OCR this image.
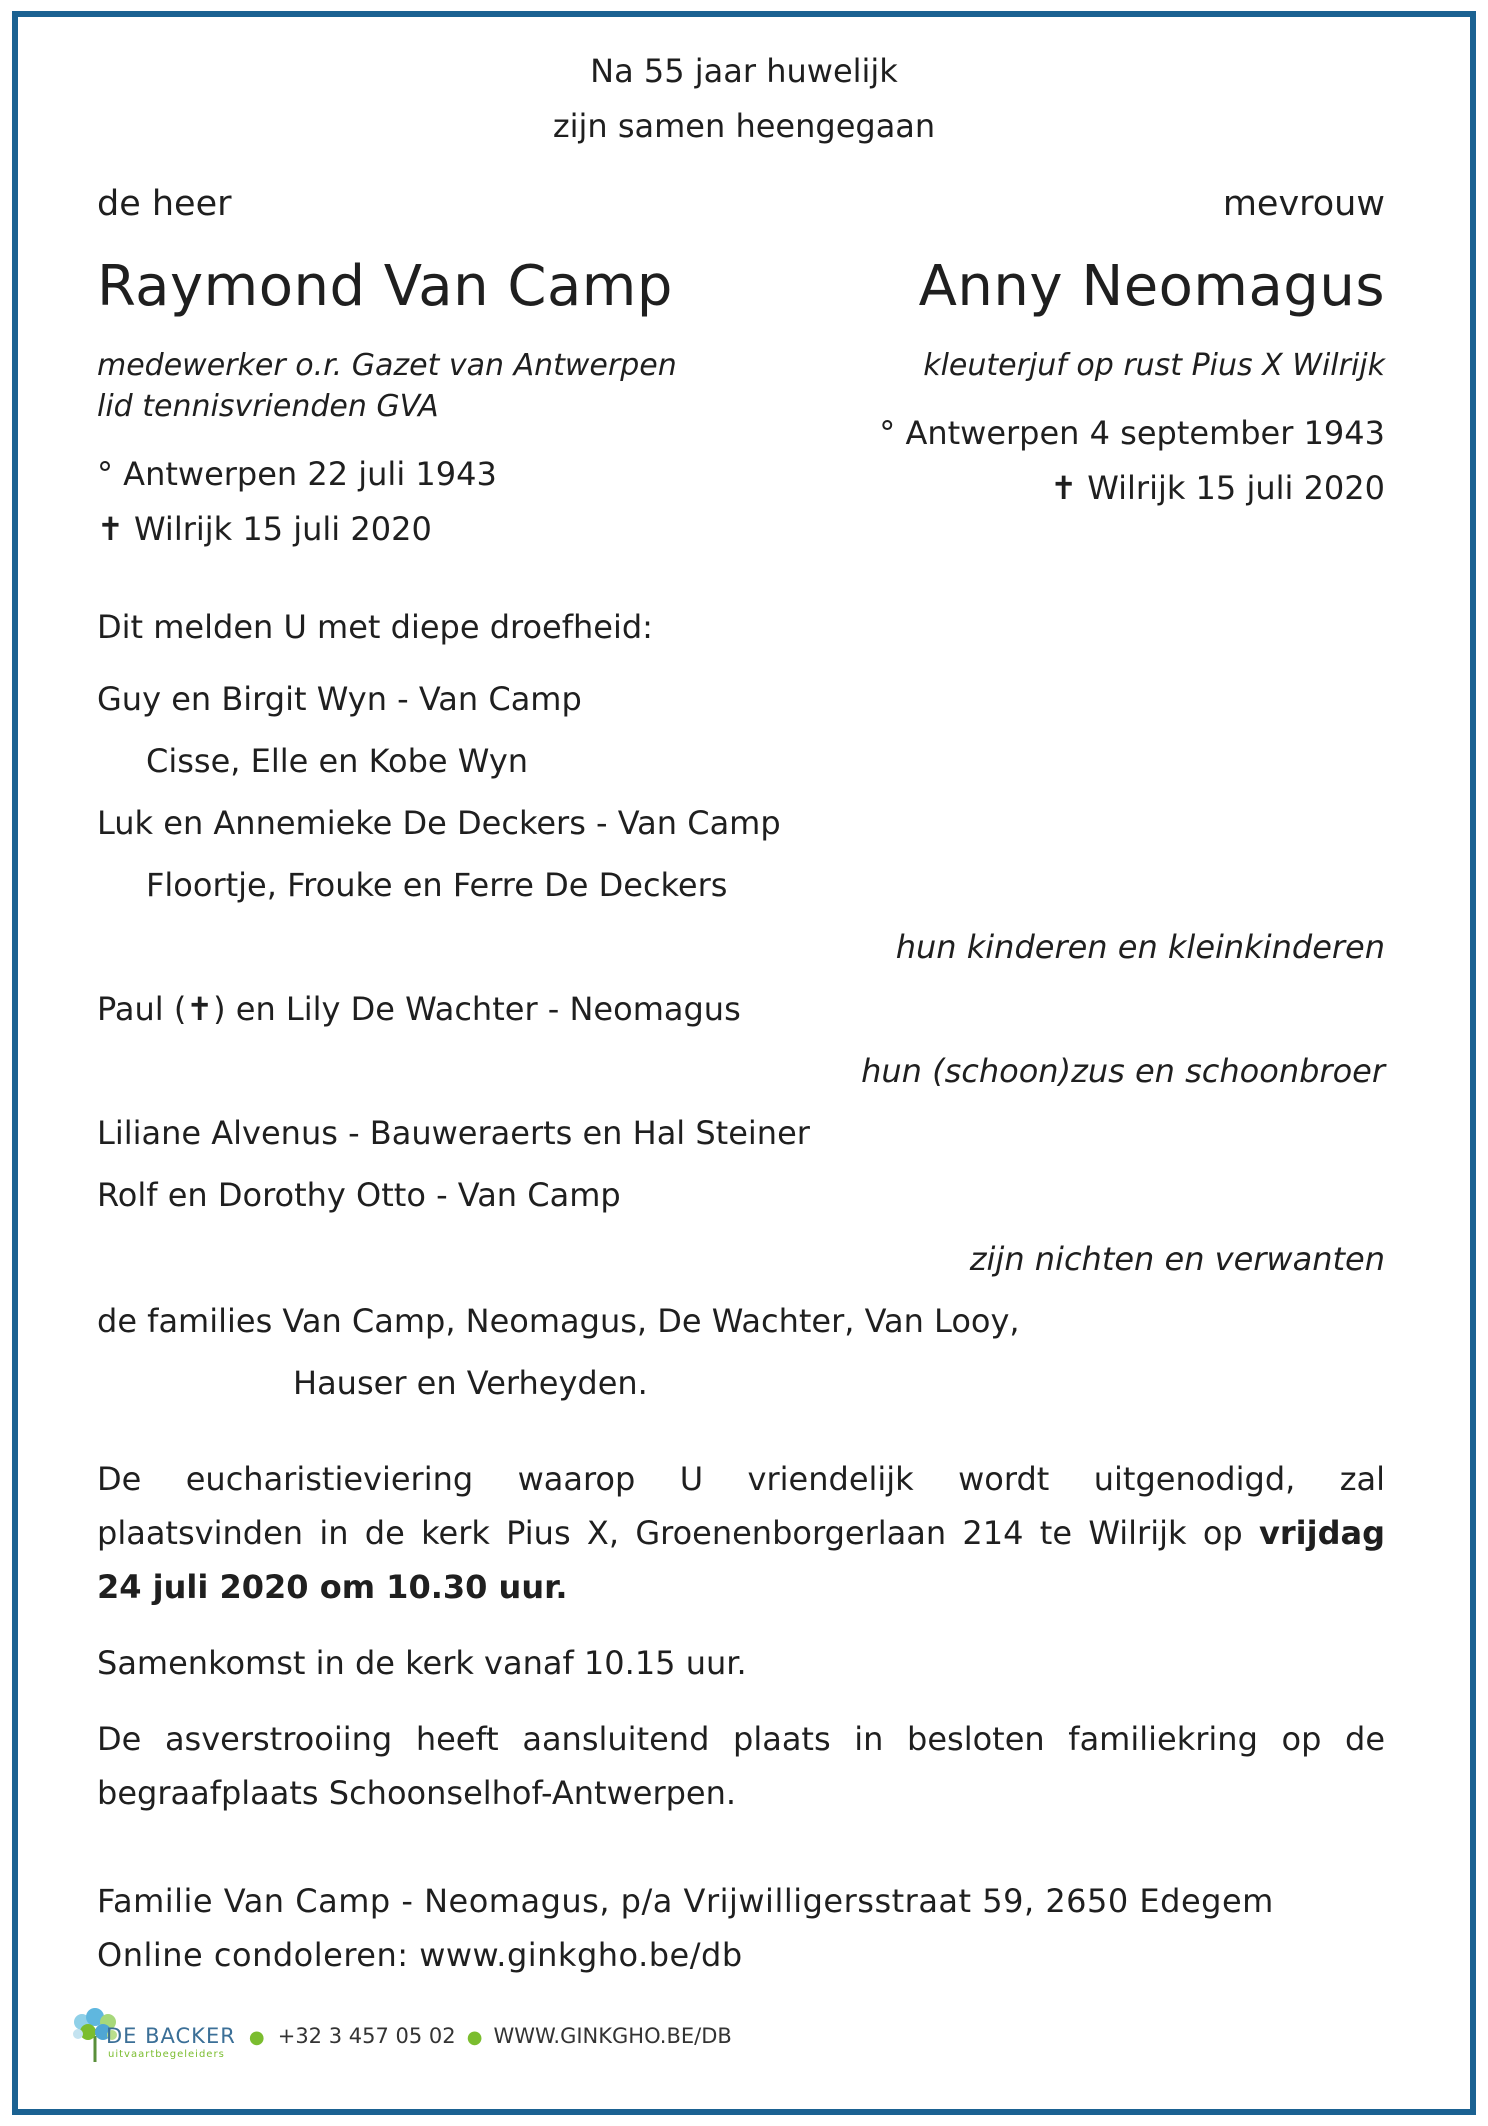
Na 55 jaar huwelijk
zijn samen heengegaan
de heer
Raymond Van Camp
medewerker o.r. Gazet van Antwerpen
lid tennisvrienden GVA
° Antwerpen 22 juli 1943
✝ Wilrijk 15 juli 2020
mevrouw
Anny Neomagus
kleuterjuf op rust Pius X Wilrijk
° Antwerpen 4 september 1943
✝ Wilrijk 15 juli 2020
Dit melden U met diepe droefheid:
Guy en Birgit Wyn - Van Camp
Cisse, Elle en Kobe Wyn
Luk en Annemieke De Deckers - Van Camp
Floortje, Frouke en Ferre De Deckers
hun kinderen en kleinkinderen
Paul (✝) en Lily De Wachter - Neomagus
hun (schoon)zus en schoonbroer
Liliane Alvenus - Bauweraerts en Hal Steiner
Rolf en Dorothy Otto - Van Camp
zijn nichten en verwanten
de families Van Camp, Neomagus, De Wachter, Van Looy,
Hauser en Verheyden.
De eucharistieviering waarop U vriendelijk wordt uitgenodigd, zal
plaatsvinden in de kerk Pius X, Groenenborgerlaan 214 te Wilrijk op vrijdag
24 juli 2020 om 10.30 uur.
Samenkomst in de kerk vanaf 10.15 uur.
De asverstrooiing heeft aansluitend plaats in besloten familiekring op de
begraafplaats Schoonselhof-Antwerpen.
Familie Van Camp - Neomagus, p/a Vrijwilligersstraat 59, 2650 Edegem
Online condoleren: www.ginkgho.be/db
DE BACKER ● +32 3 457 05 02 ● WWW.GINKGHO.BE/DB
uitvaartbegeleiders
